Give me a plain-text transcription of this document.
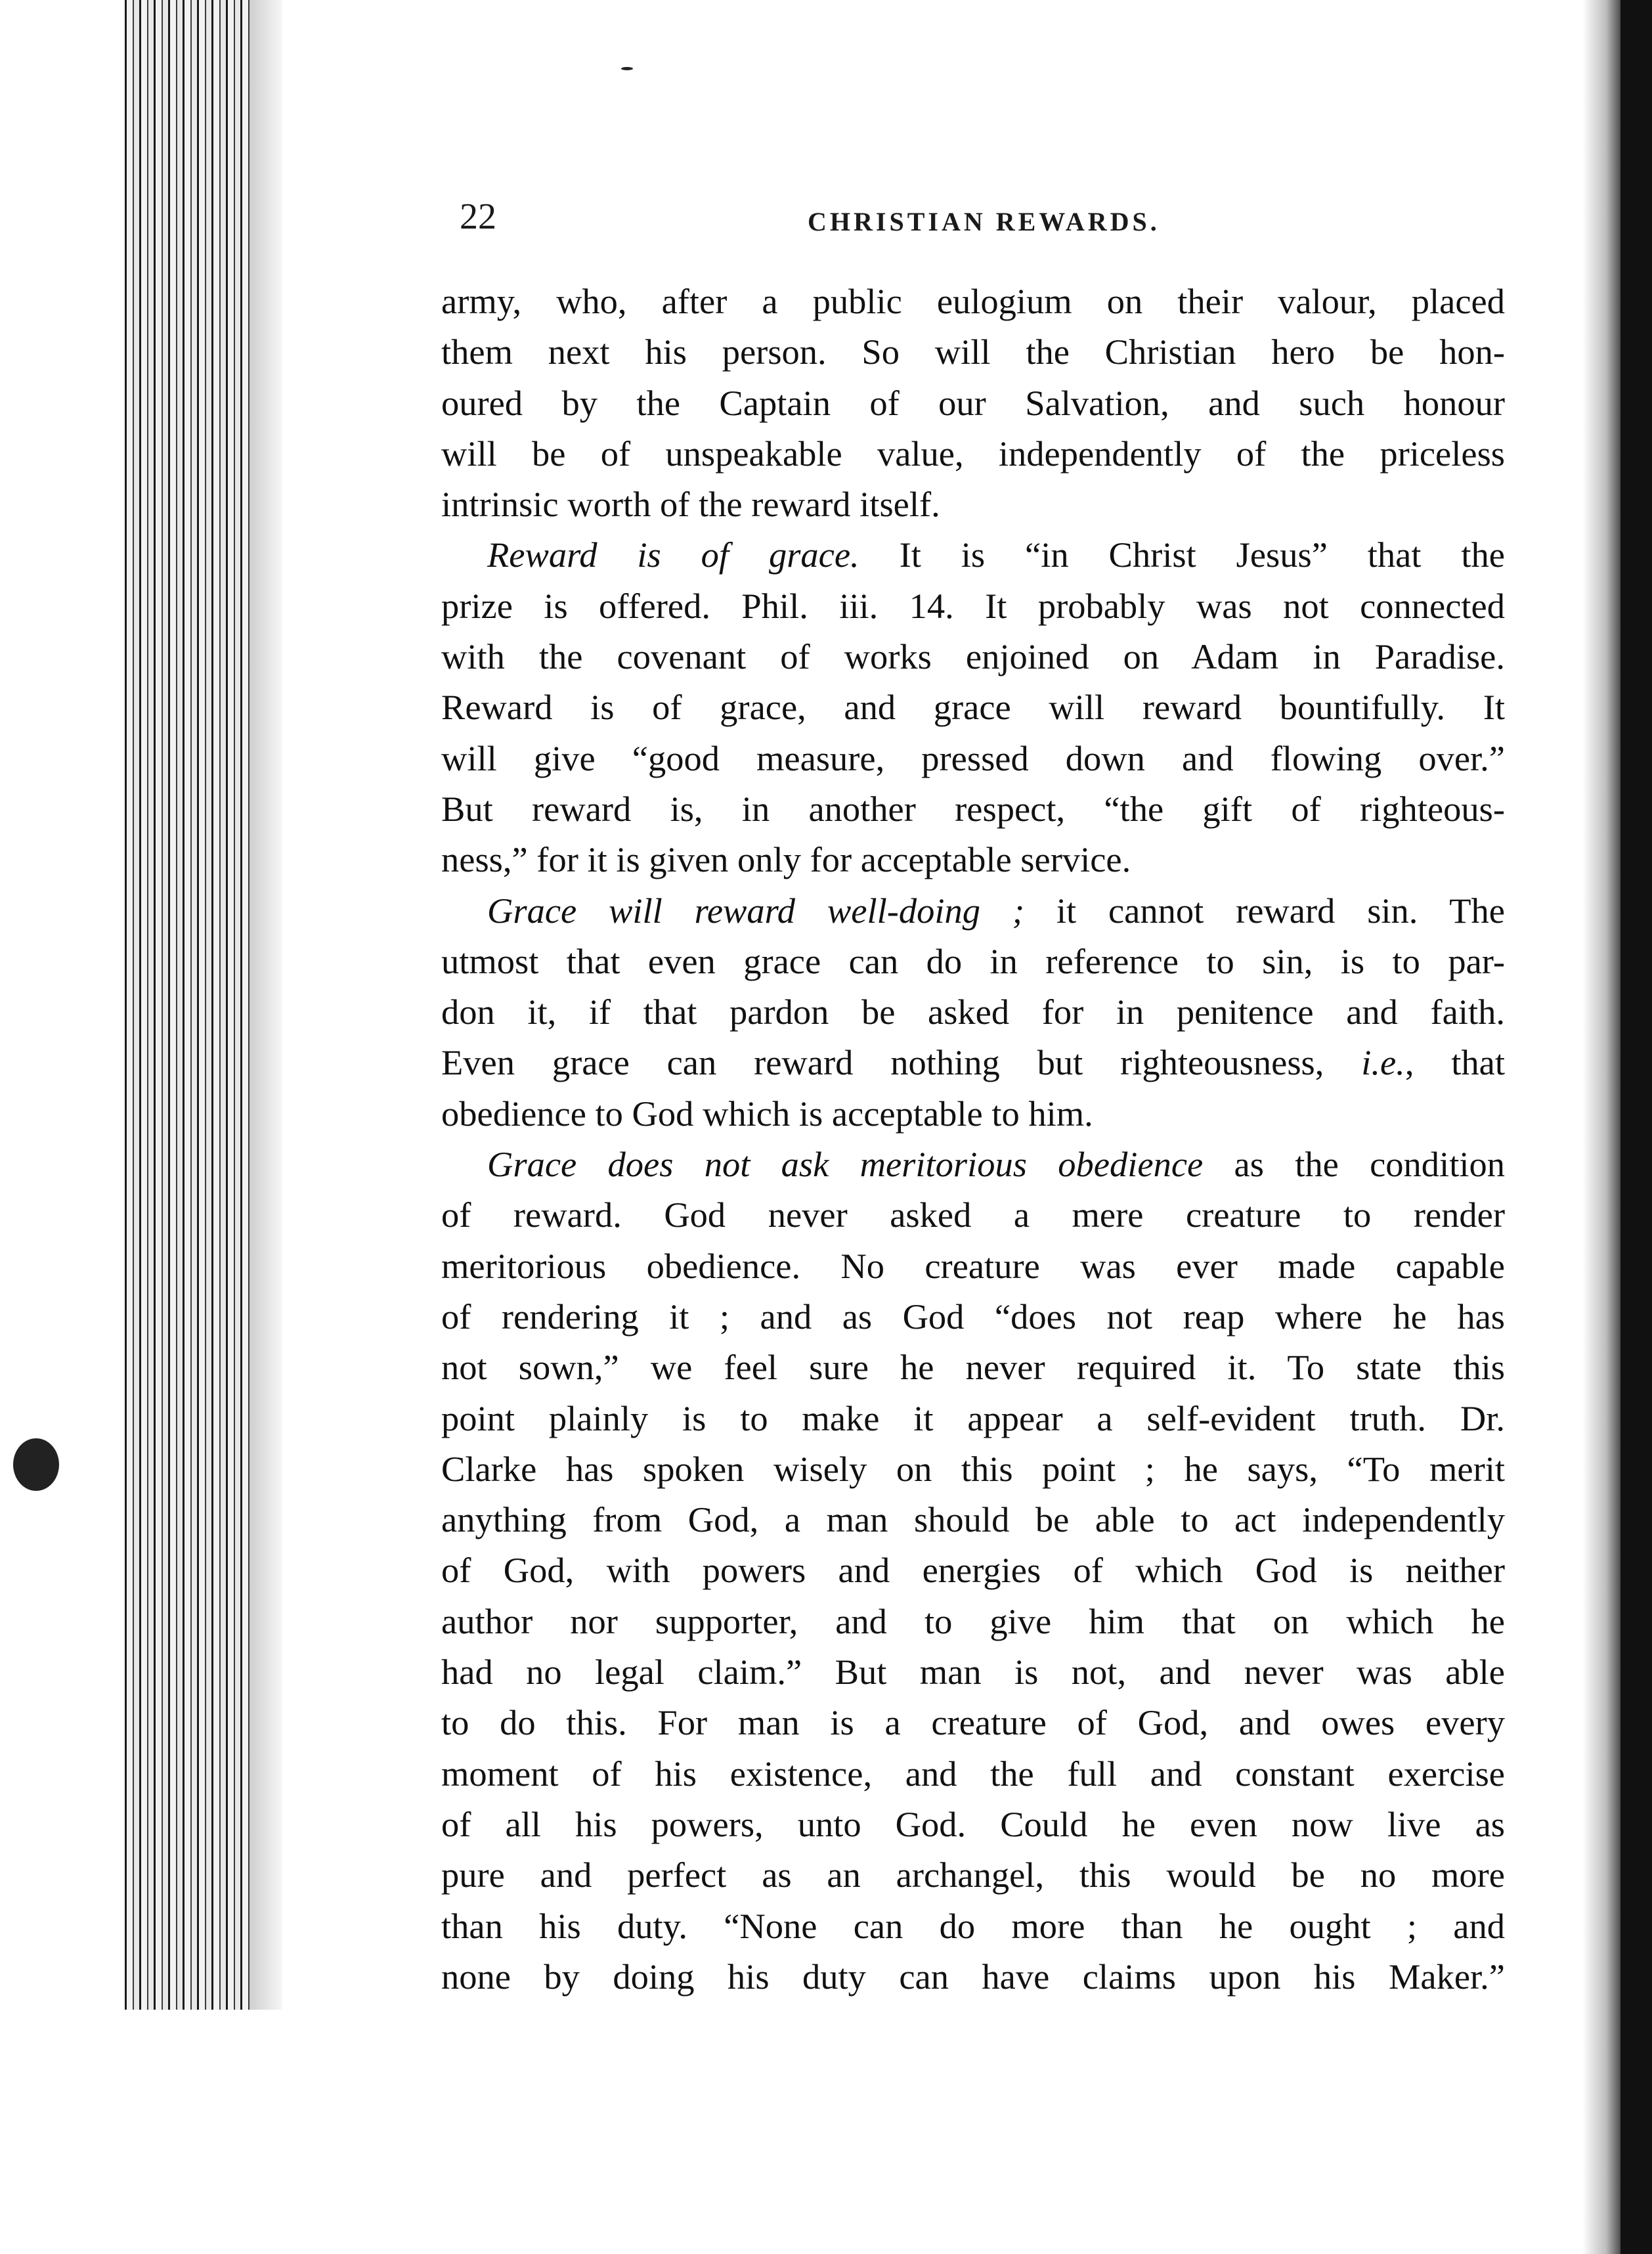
22	CHRISTIAN REWARDS.
army, who, after a public eulogium on their valour, placed
them next his person. So will the Christian hero be hon-
oured by the Captain of our Salvation, and such honour
will be of unspeakable value, independently of the priceless
intrinsic worth of the reward itself.
Reward is of grace. It is “in Christ Jesus” that the
prize is offered. Phil. iii. 14. It probably was not connected
with the covenant of works enjoined on Adam in Paradise.
Reward is of grace, and grace will reward bountifully. It
will give “good measure, pressed down and flowing over.”
But reward is, in another respect, “the gift of righteous-
ness,” for it is given only for acceptable service.
Grace will reward well-doing ; it cannot reward sin. The
utmost that even grace can do in reference to sin, is to par-
don it, if that pardon be asked for in penitence and faith.
Even grace can reward nothing but righteousness, i.e., that
obedience to God which is acceptable to him.
Grace does not ask meritorious obedience as the condition
of reward. God never asked a mere creature to render
meritorious obedience. No creature was ever made capable
of rendering it ; and as God “does not reap where he has
not sown,” we feel sure he never required it. To state this
point plainly is to make it appear a self-evident truth. Dr.
Clarke has spoken wisely on this point ; he says, “To merit
anything from God, a man should be able to act independently
of God, with powers and energies of which God is neither
author nor supporter, and to give him that on which he
had no legal claim.” But man is not, and never was able
to do this. For man is a creature of God, and owes every
moment of his existence, and the full and constant exercise
of all his powers, unto God. Could he even now live as
pure and perfect as an archangel, this would be no more
than his duty. “None can do more than he ought ; and
none by doing his duty can have claims upon his Maker.”
